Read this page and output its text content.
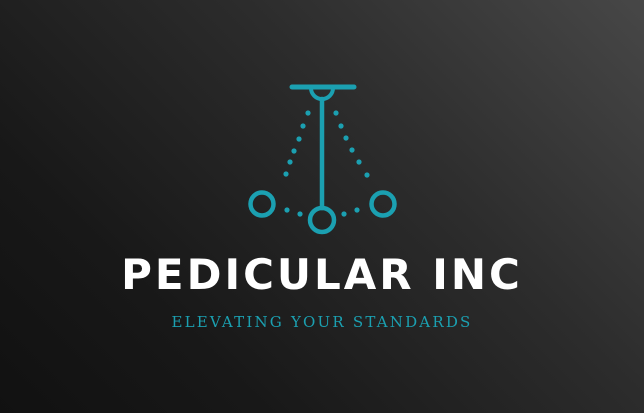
PEDICULAR INC
ELEVATING YOUR STANDARDS
